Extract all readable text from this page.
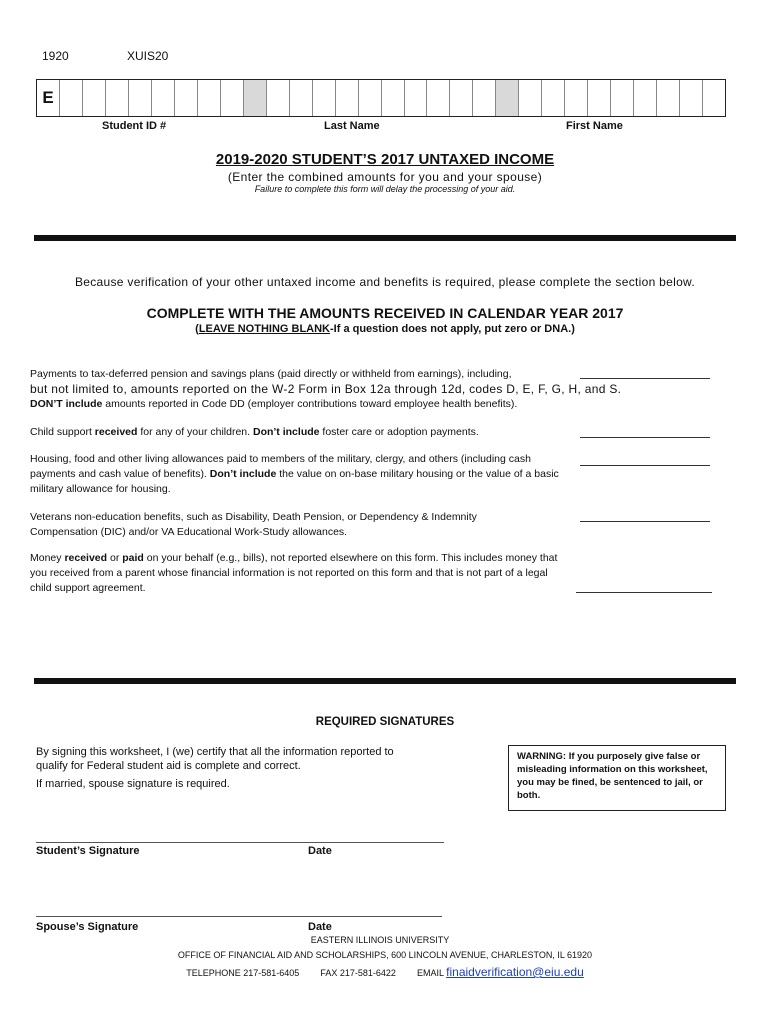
1920	XUIS20
E
Student ID #	Last Name	First Name
2019-2020 STUDENT’S 2017 UNTAXED INCOME
(Enter the combined amounts for you and your spouse)
Failure to complete this form will delay the processing of your aid.
Because verification of your other untaxed income and benefits is required, please complete the section below.
COMPLETE WITH THE AMOUNTS RECEIVED IN CALENDAR YEAR 2017
(LEAVE NOTHING BLANK-If a question does not apply, put zero or DNA.)
Payments to tax-deferred pension and savings plans (paid directly or withheld from earnings), including,
but not limited to, amounts reported on the W-2 Form in Box 12a through 12d, codes D, E, F, G, H, and S.
DON’T include amounts reported in Code DD (employer contributions toward employee health benefits).
Child support received for any of your children. Don’t include foster care or adoption payments.
Housing, food and other living allowances paid to members of the military, clergy, and others (including cash payments and cash value of benefits). Don’t include the value on on-base military housing or the value of a basic military allowance for housing.
Veterans non-education benefits, such as Disability, Death Pension, or Dependency & Indemnity Compensation (DIC) and/or VA Educational Work-Study allowances.
Money received or paid on your behalf (e.g., bills), not reported elsewhere on this form. This includes money that you received from a parent whose financial information is not reported on this form and that is not part of a legal child support agreement.
REQUIRED SIGNATURES
By signing this worksheet, I (we) certify that all the information reported to qualify for Federal student aid is complete and correct.
If married, spouse signature is required.
WARNING: If you purposely give false or misleading information on this worksheet, you may be fined, be sentenced to jail, or both.
Student’s Signature	Date
Spouse’s Signature	Date
EASTERN ILLINOIS UNIVERSITY
OFFICE OF FINANCIAL AID AND SCHOLARSHIPS, 600 LINCOLN AVENUE, CHARLESTON, IL 61920
TELEPHONE 217-581-6405 FAX 217-581-6422 EMAIL finaidverification@eiu.edu
